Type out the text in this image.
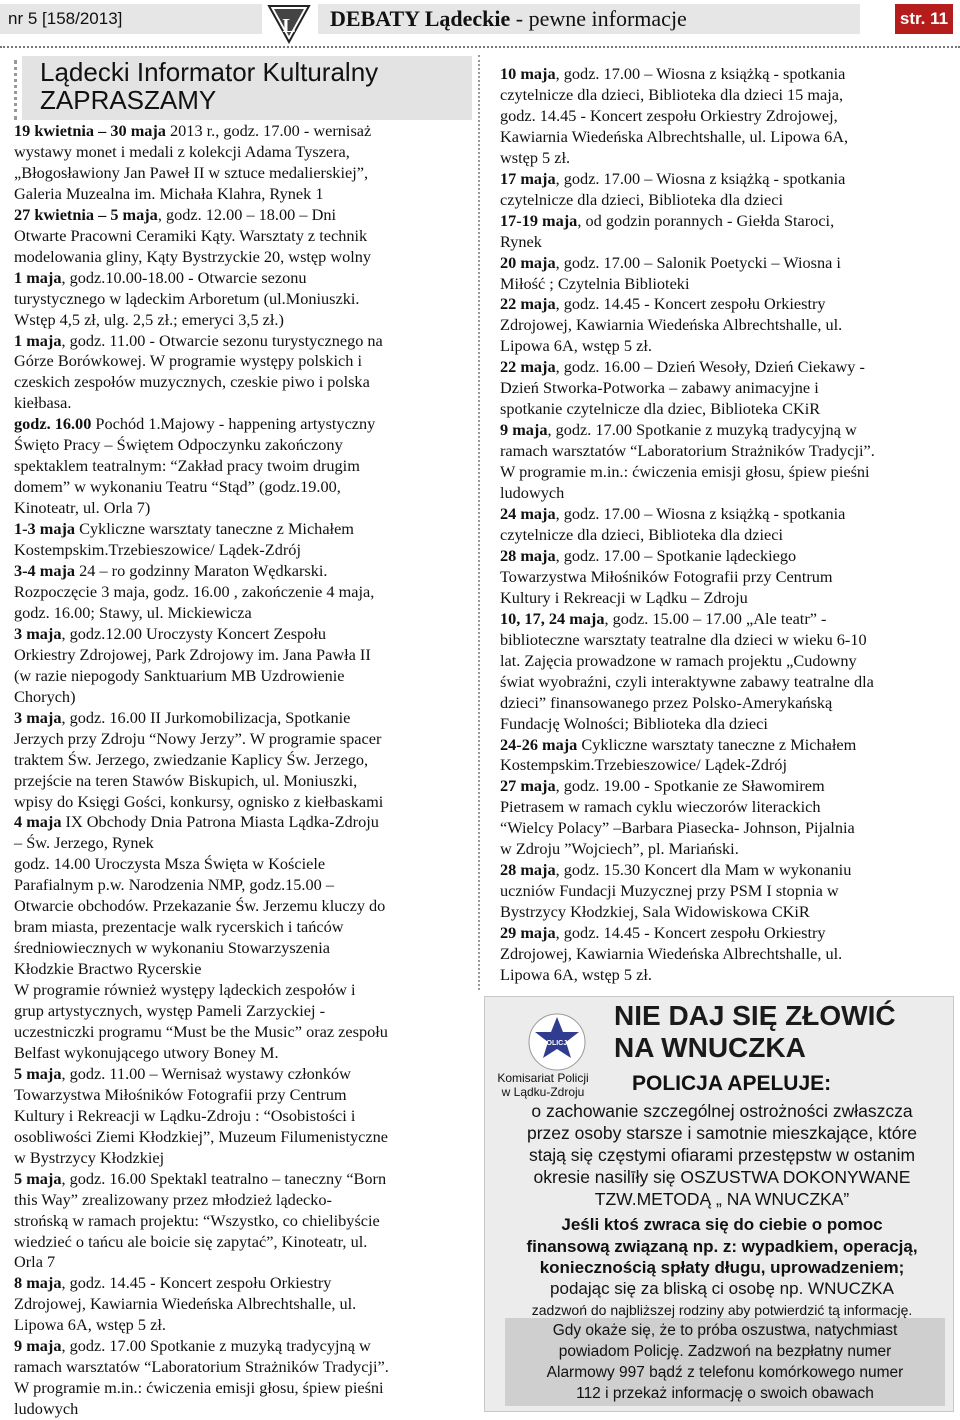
nr 5 [158/2013]	L	DEBATY Lądeckie - pewne informacje	str. 11
Lądecki Informator Kulturalny
ZAPRASZAMY

19 kwietnia – 30 maja 2013 r., godz. 17.00 - wernisaż

wystawy monet i medali z kolekcji Adama Tyszera,

„Błogosławiony Jan Paweł II w sztuce medalierskiej”,

Galeria Muzealna im. Michała Klahra, Rynek 1

27 kwietnia – 5 maja, godz. 12.00 – 18.00 – Dni

Otwarte Pracowni Ceramiki Kąty. Warsztaty z technik

modelowania gliny, Kąty Bystrzyckie 20, wstęp wolny

1 maja, godz.10.00-18.00 - Otwarcie sezonu

turystycznego w lądeckim Arboretum (ul.Moniuszki.

Wstęp 4,5 zł, ulg. 2,5 zł.; emeryci 3,5 zł.)

1 maja, godz. 11.00 - Otwarcie sezonu turystycznego na

Górze Borówkowej. W programie występy polskich i

czeskich zespołów muzycznych, czeskie piwo i polska

kiełbasa.

godz. 16.00 Pochód 1.Majowy - happening artystyczny

Święto Pracy – Świętem Odpoczynku zakończony

spektaklem teatralnym: “Zakład pracy twoim drugim

domem” w wykonaniu Teatru “Stąd” (godz.19.00,

Kinoteatr, ul. Orla 7)

1-3 maja Cykliczne warsztaty taneczne z Michałem

Kostempskim.Trzebieszowice/ Lądek-Zdrój

3-4 maja 24 – ro godzinny Maraton Wędkarski.

Rozpoczęcie 3 maja, godz. 16.00 , zakończenie 4 maja,

godz. 16.00; Stawy, ul. Mickiewicza

3 maja, godz.12.00 Uroczysty Koncert Zespołu

Orkiestry Zdrojowej, Park Zdrojowy im. Jana Pawła II

(w razie niepogody Sanktuarium MB Uzdrowienie

Chorych)

3 maja, godz. 16.00 II Jurkomobilizacja, Spotkanie

Jerzych przy Zdroju “Nowy Jerzy”. W programie spacer

traktem Św. Jerzego, zwiedzanie Kaplicy Św. Jerzego,

przejście na teren Stawów Biskupich, ul. Moniuszki,

wpisy do Księgi Gości, konkursy, ognisko z kiełbaskami

4 maja IX Obchody Dnia Patrona Miasta Lądka-Zdroju

– Św. Jerzego, Rynek

godz. 14.00 Uroczysta Msza Święta w Kościele

Parafialnym p.w. Narodzenia NMP, godz.15.00 –

Otwarcie obchodów. Przekazanie Św. Jerzemu kluczy do

bram miasta, prezentacje walk rycerskich i tańców

średniowiecznych w wykonaniu Stowarzyszenia

Kłodzkie Bractwo Rycerskie

W programie również występy lądeckich zespołów i

grup artystycznych, występ Pameli Zarzyckiej -

uczestniczki programu “Must be the Music” oraz zespołu

Belfast wykonującego utwory Boney M.

5 maja, godz. 11.00 – Wernisaż wystawy członków

Towarzystwa Miłośników Fotografii przy Centrum

Kultury i Rekreacji w Lądku-Zdroju : “Osobistości i

osobliwości Ziemi Kłodzkiej”, Muzeum Filumenistyczne

w Bystrzycy Kłodzkiej

5 maja, godz. 16.00 Spektakl teatralno – taneczny “Born

this Way” zrealizowany przez młodzież lądecko-

strońską w ramach projektu: “Wszystko, co chielibyście

wiedzieć o tańcu ale boicie się zapytać”, Kinoteatr, ul.

Orla 7

8 maja, godz. 14.45 - Koncert zespołu Orkiestry

Zdrojowej, Kawiarnia Wiedeńska Albrechtshalle, ul.

Lipowa 6A, wstęp 5 zł.

9 maja, godz. 17.00 Spotkanie z muzyką tradycyjną w

ramach warsztatów “Laboratorium Strażników Tradycji”.

W programie m.in.: ćwiczenia emisji głosu, śpiew pieśni

ludowych

10 maja, godz. 17.00 – Wiosna z książką - spotkania

czytelnicze dla dzieci, Biblioteka dla dzieci 15 maja,

godz. 14.45 - Koncert zespołu Orkiestry Zdrojowej,

Kawiarnia Wiedeńska Albrechtshalle, ul. Lipowa 6A,

wstęp 5 zł.

17 maja, godz. 17.00 – Wiosna z książką - spotkania

czytelnicze dla dzieci, Biblioteka dla dzieci

17-19 maja, od godzin porannych - Giełda Staroci,

Rynek

20 maja, godz. 17.00 – Salonik Poetycki – Wiosna i

Miłość ; Czytelnia Biblioteki

22 maja, godz. 14.45 - Koncert zespołu Orkiestry

Zdrojowej, Kawiarnia Wiedeńska Albrechtshalle, ul.

Lipowa 6A, wstęp 5 zł.

22 maja, godz. 16.00 – Dzień Wesoły, Dzień Ciekawy -

Dzień Stworka-Potworka – zabawy animacyjne i

spotkanie czytelnicze dla dziec, Biblioteka CKiR

9 maja, godz. 17.00 Spotkanie z muzyką tradycyjną w

ramach warsztatów “Laboratorium Strażników Tradycji”.

W programie m.in.: ćwiczenia emisji głosu, śpiew pieśni

ludowych

24 maja, godz. 17.00 – Wiosna z książką - spotkania

czytelnicze dla dzieci, Biblioteka dla dzieci

28 maja, godz. 17.00 – Spotkanie lądeckiego

Towarzystwa Miłośników Fotografii przy Centrum

Kultury i Rekreacji w Lądku – Zdroju

10, 17, 24 maja, godz. 15.00 – 17.00 „Ale teatr” -

biblioteczne warsztaty teatralne dla dzieci w wieku 6-10

lat. Zajęcia prowadzone w ramach projektu „Cudowny

świat wyobraźni, czyli interaktywne zabawy teatralne dla

dzieci” finansowanego przez Polsko-Amerykańską

Fundację Wolności; Biblioteka dla dzieci

24-26 maja Cykliczne warsztaty taneczne z Michałem

Kostempskim.Trzebieszowice/ Lądek-Zdrój

27 maja, godz. 19.00 - Spotkanie ze Sławomirem

Pietrasem w ramach cyklu wieczorów literackich

“Wielcy Polacy” –Barbara Piasecka- Johnson, Pijalnia

w Zdroju ”Wojciech”, pl. Mariański.

28 maja, godz. 15.30 Koncert dla Mam w wykonaniu

uczniów Fundacji Muzycznej przy PSM I stopnia w

Bystrzycy Kłodzkiej, Sala Widowiskowa CKiR

29 maja, godz. 14.45 - Koncert zespołu Orkiestry

Zdrojowej, Kawiarnia Wiedeńska Albrechtshalle, ul.

Lipowa 6A, wstęp 5 zł.

POLICJA
NIE DAJ SIĘ ZŁOWIĆ
NA WNUCZKA
Komisariat Policji
w Lądku-Zdroju	POLICJA APELUJE:
o zachowanie szczególnej ostrożności zwłaszcza
przez osoby starsze i samotnie mieszkające, które
stają się częstymi ofiarami przestępstw w ostanim
okresie nasilīły się OSZUSTWA DOKONYWANE
TZW.METODĄ „ NA WNUCZKA”
Jeśli ktoś zwraca się do ciebie o pomoc
finansową związaną np. z: wypadkiem, operacją,
koniecznością spłaty długu, uprowadzeniem;
podając się za bliską ci osobę np. WNUCZKA
zadzwoń do najbliższej rodziny aby potwierdzić tą informację.
Gdy okaże się, że to próba oszustwa, natychmiast
powiadom Policję. Zadzwoń na bezpłatny numer
Alarmowy 997 bądź z telefonu komórkowego numer
112 i przekaż informację o swoich obawach
